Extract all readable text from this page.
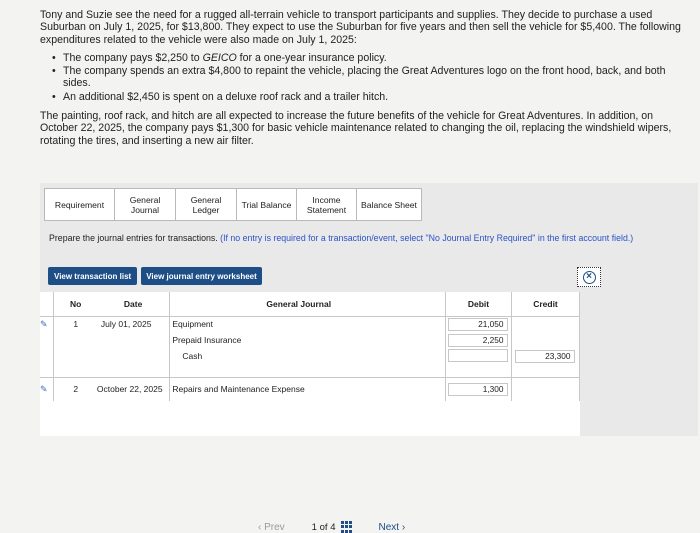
Tony and Suzie see the need for a rugged all-terrain vehicle to transport participants and supplies. They decide to purchase a used Suburban on July 1, 2025, for $13,800. They expect to use the Suburban for five years and then sell the vehicle for $5,400. The following expenditures related to the vehicle were also made on July 1, 2025:

• The company pays $2,250 to GEICO for a one-year insurance policy.
• The company spends an extra $4,800 to repaint the vehicle, placing the Great Adventures logo on the front hood, back, and both sides.
• An additional $2,450 is spent on a deluxe roof rack and a trailer hitch.

The painting, roof rack, and hitch are all expected to increase the future benefits of the vehicle for Great Adventures. In addition, on October 22, 2025, the company pays $1,300 for basic vehicle maintenance related to changing the oil, replacing the windshield wipers, rotating the tires, and inserting a new air filter.

Requirement	General Journal
General Ledger	Trial Balance	Income Statement	Balance Sheet
Prepare the journal entries for transactions. (If no entry is required for a transaction/event, select "No Journal Entry Required" in the first account field.)
View transaction list	View journal entry worksheet	×
	No	Date	General Journal	Debit	Credit
✎	1	July 01, 2025	Equipment	21,050	
			Prepaid Insurance	2,250	
			Cash		23,300

✎	2	October 22, 2025	Repairs and Maintenance Expense	1,300	
‹ Prev	1 of 4	Next ›
